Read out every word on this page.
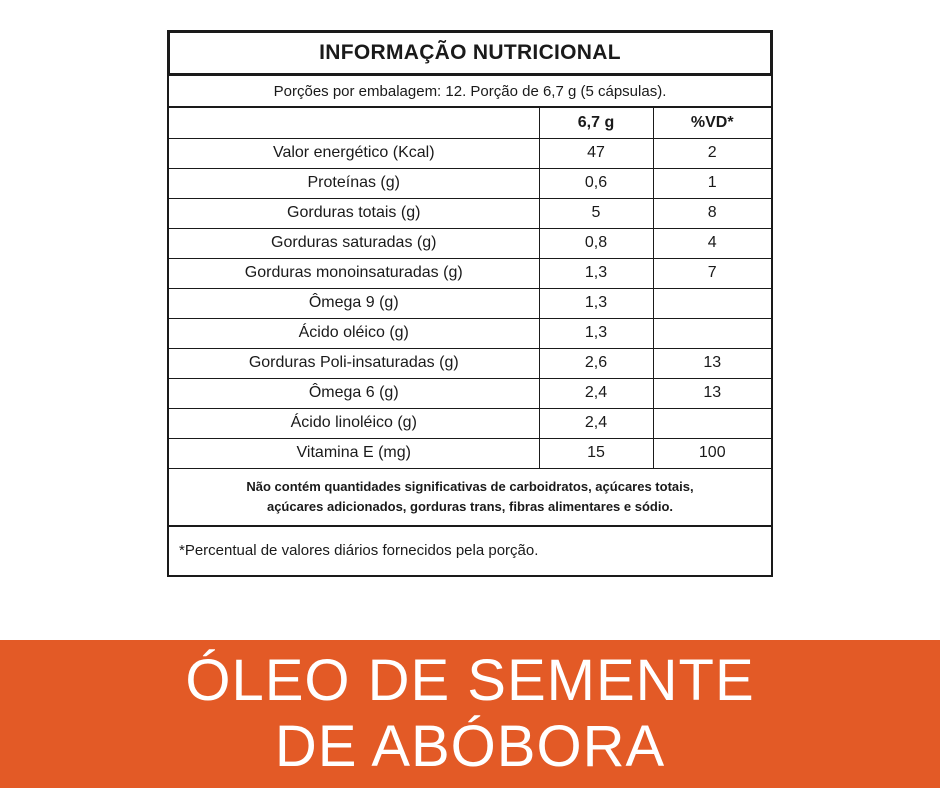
INFORMAÇÃO NUTRICIONAL
Porções por embalagem: 12. Porção de 6,7 g (5 cápsulas).
	6,7 g	%VD*
Valor energético (Kcal)	47	2
Proteínas (g)	0,6	1
Gorduras totais (g)	5	8
Gorduras saturadas (g)	0,8	4
Gorduras monoinsaturadas (g)	1,3	7
Ômega 9 (g)	1,3	
Ácido oléico (g)	1,3	
Gorduras Poli-insaturadas (g)	2,6	13
Ômega 6 (g)	2,4	13
Ácido linoléico (g)	2,4	
Vitamina E (mg)	15	100
Não contém quantidades significativas de carboidratos, açúcares totais,
açúcares adicionados, gorduras trans, fibras alimentares e sódio.
*Percentual de valores diários fornecidos pela porção.
ÓLEO DE SEMENTE
DE ABÓBORA
